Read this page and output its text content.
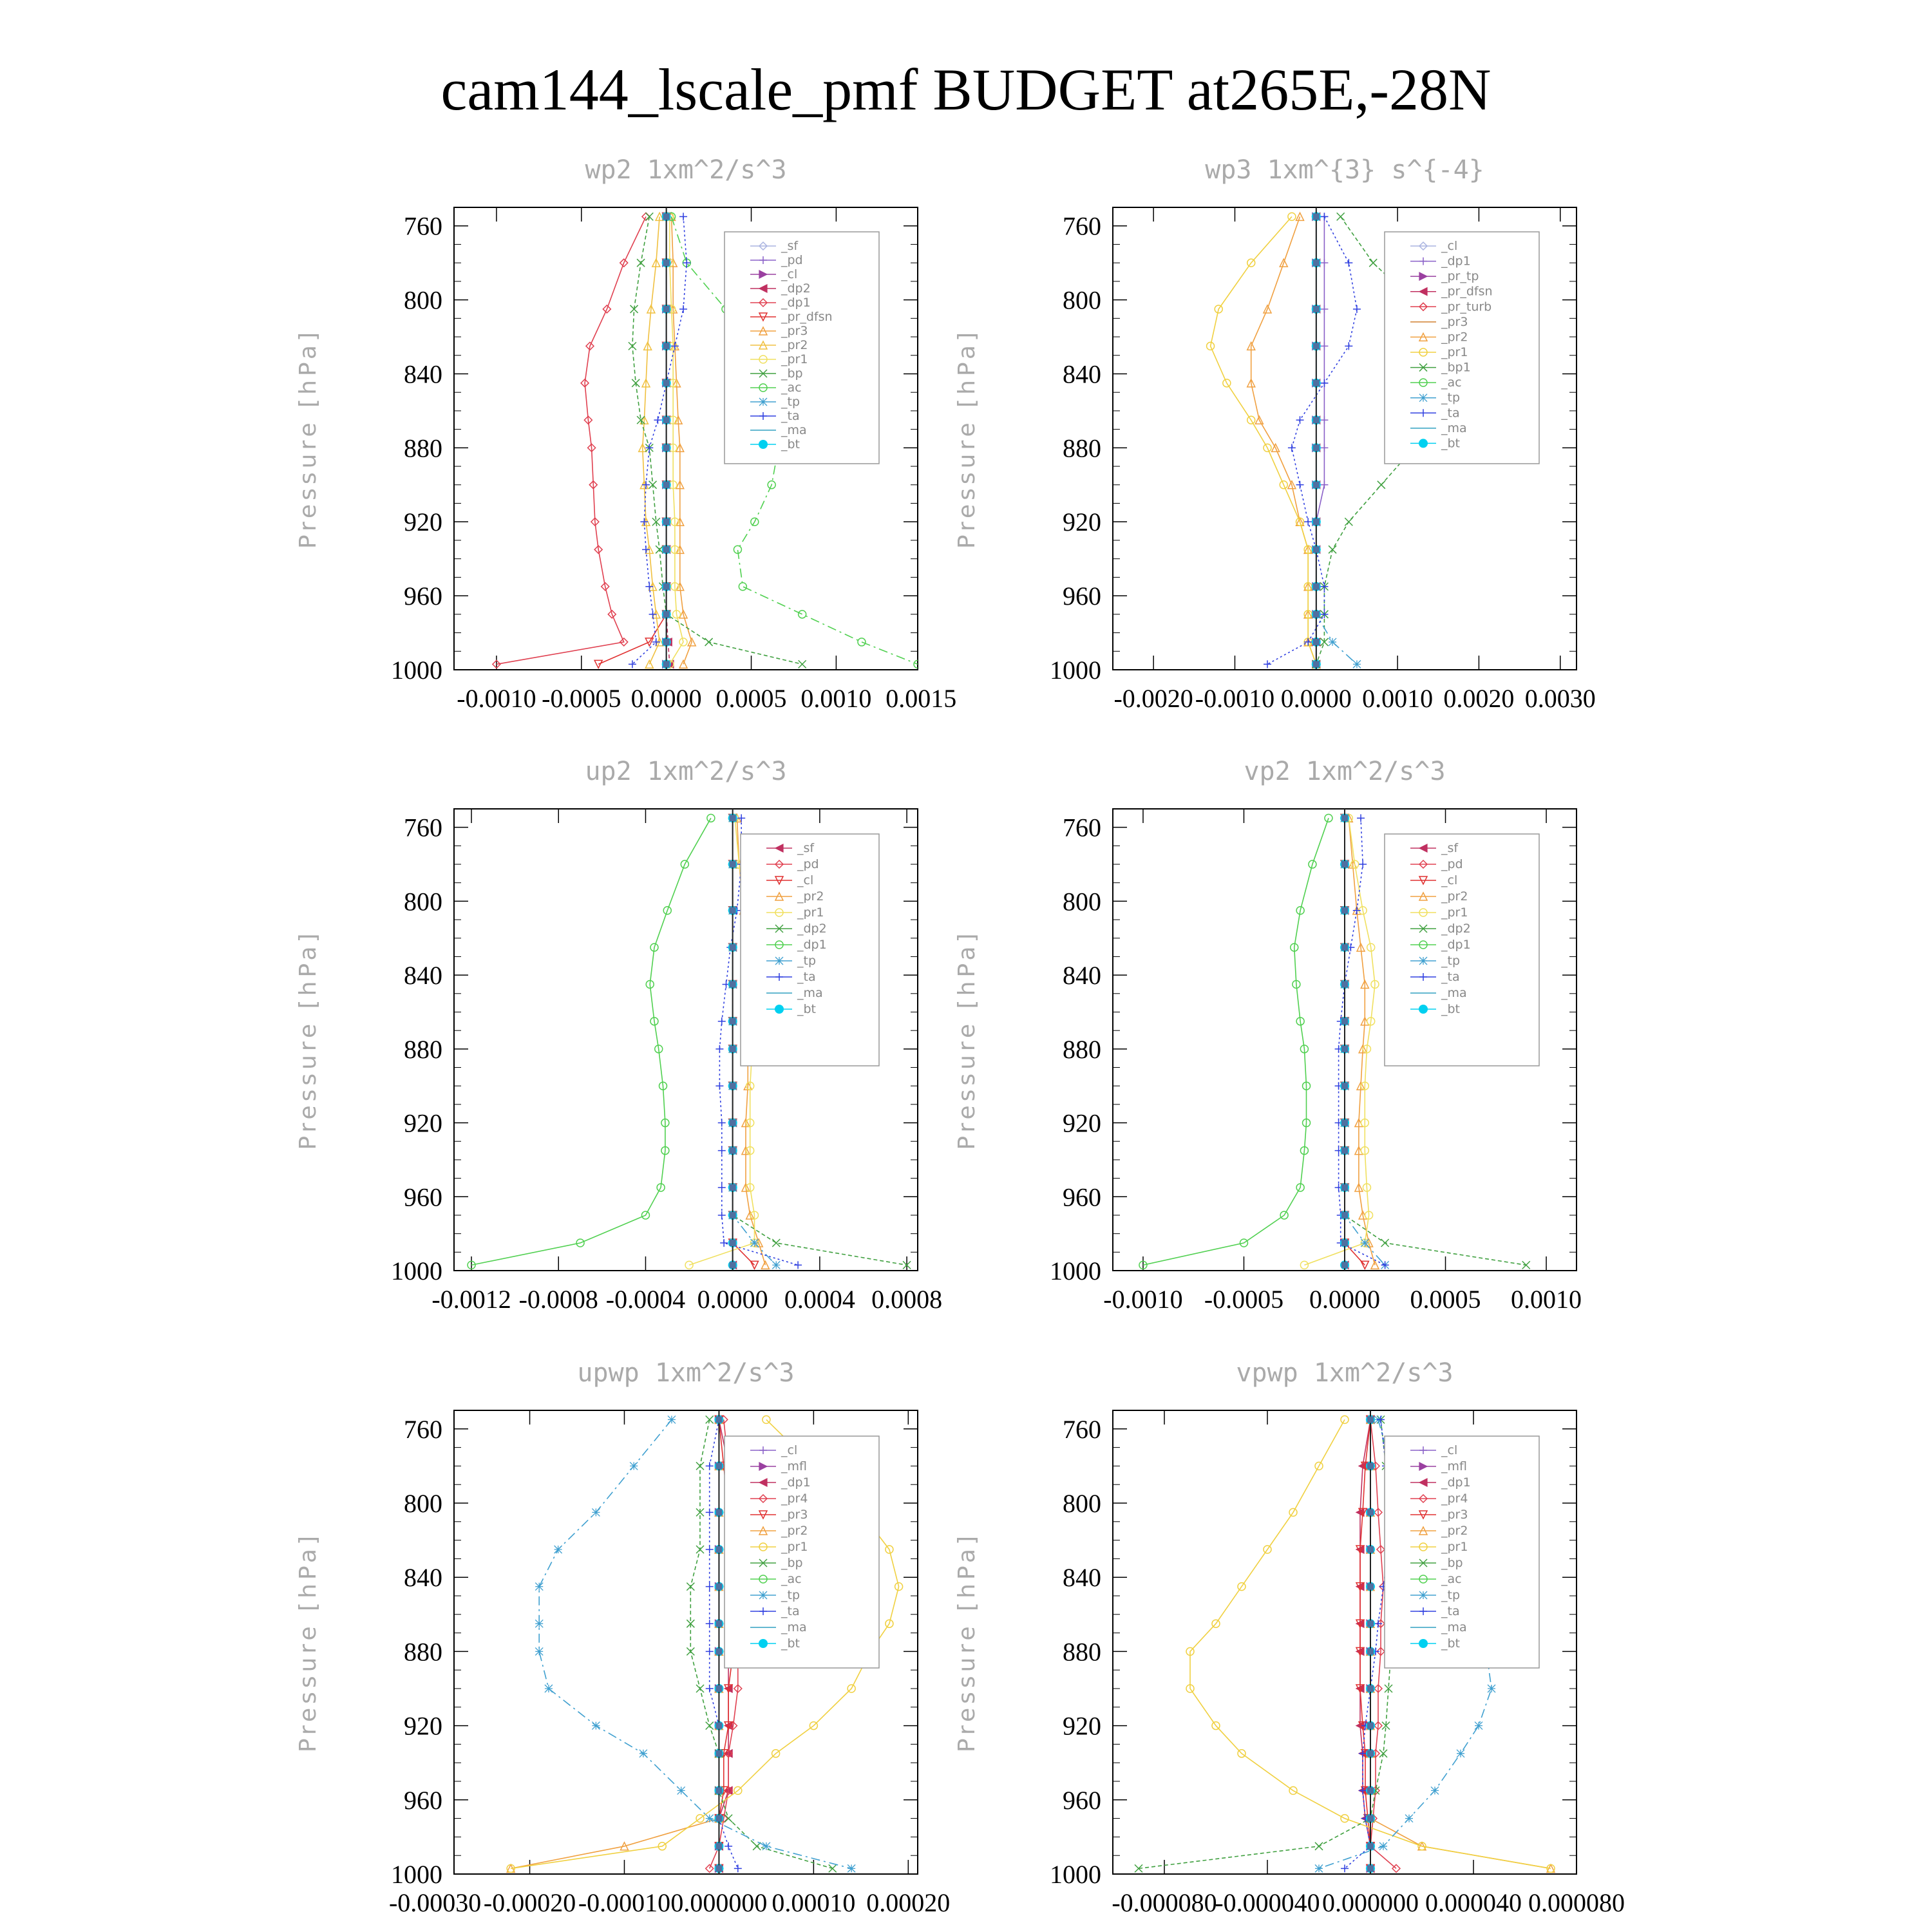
cam144_lscale_pmf BUDGET at265E,-28N
wp2 1xm^2/s^3
Pressure [hPa]
760
800
840
880
920
960
1000
-0.0010 -0.0005 0.0000 0.0005 0.0010 0.0015
_sf
_pd
_cl
_dp2
_dp1
_pr_dfsn
_pr3
_pr2
_pr1
_bp
_ac
_tp
_ta
_ma
_bt
wp3 1xm^{3} s^{-4}
Pressure [hPa]
760
800
840
880
920
960
1000
-0.0020 -0.0010 0.0000 0.0010 0.0020 0.0030
_cl
_dp1
_pr_tp
_pr_dfsn
_pr_turb
_pr3
_pr2
_pr1
_bp1
_ac
_tp
_ta
_ma
_bt
up2 1xm^2/s^3
Pressure [hPa]
760
800
840
880
920
960
1000
-0.0012 -0.0008 -0.0004 0.0000 0.0004 0.0008
_sf
_pd
_cl
_pr2
_pr1
_dp2
_dp1
_tp
_ta
_ma
_bt
vp2 1xm^2/s^3
Pressure [hPa]
760
800
840
880
920
960
1000
-0.0010 -0.0005 0.0000 0.0005 0.0010
_sf
_pd
_cl
_pr2
_pr1
_dp2
_dp1
_tp
_ta
_ma
_bt
upwp 1xm^2/s^3
Pressure [hPa]
760
800
840
880
920
960
1000
-0.00030 -0.00020 -0.00010 0.000000 0.00010 0.00020
_cl
_mfl
_dp1
_pr4
_pr3
_pr2
_pr1
_bp
_ac
_tp
_ta
_ma
_bt
vpwp 1xm^2/s^3
Pressure [hPa]
760
800
840
880
920
960
1000
-0.000080
-0.000040 0.000000 0.000040 0.000080
_cl
_mfl
_dp1
_pr4
_pr3
_pr2
_pr1
_bp
_ac
_tp
_ta
_ma
_bt
